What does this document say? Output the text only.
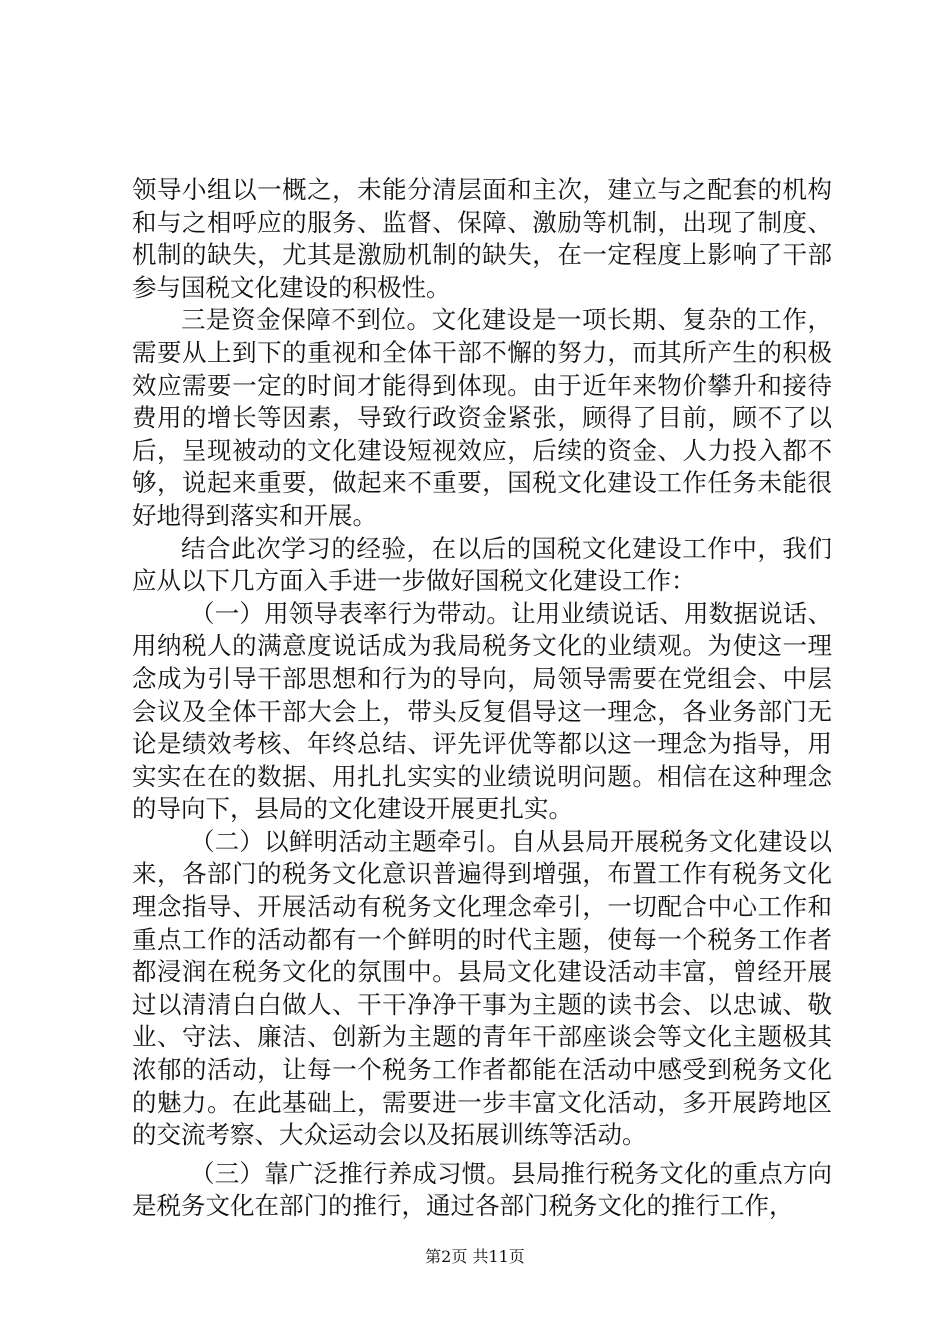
领导小组以一概之，未能分清层面和主次，建立与之配套的机构和与之相呼应的服务、监督、保障、激励等机制，出现了制度、机制的缺失，尤其是激励机制的缺失，在一定程度上影响了干部参与国税文化建设的积极性。

三是资金保障不到位。文化建设是一项长期、复杂的工作，需要从上到下的重视和全体干部不懈的努力，而其所产生的积极效应需要一定的时间才能得到体现。由于近年来物价攀升和接待费用的增长等因素，导致行政资金紧张，顾得了目前，顾不了以后，呈现被动的文化建设短视效应，后续的资金、人力投入都不够，说起来重要，做起来不重要，国税文化建设工作任务未能很好地得到落实和开展。

结合此次学习的经验，在以后的国税文化建设工作中，我们应从以下几方面入手进一步做好国税文化建设工作：

（一）用领导表率行为带动。让用业绩说话、用数据说话、用纳税人的满意度说话成为我局税务文化的业绩观。为使这一理念成为引导干部思想和行为的导向，局领导需要在党组会、中层会议及全体干部大会上，带头反复倡导这一理念，各业务部门无论是绩效考核、年终总结、评先评优等都以这一理念为指导，用实实在在的数据、用扎扎实实的业绩说明问题。相信在这种理念的导向下，县局的文化建设开展更扎实。

（二）以鲜明活动主题牵引。自从县局开展税务文化建设以来，各部门的税务文化意识普遍得到增强，布置工作有税务文化理念指导、开展活动有税务文化理念牵引，一切配合中心工作和重点工作的活动都有一个鲜明的时代主题，使每一个税务工作者都浸润在税务文化的氛围中。县局文化建设活动丰富，曾经开展过以清清白白做人、干干净净干事为主题的读书会、以忠诚、敬业、守法、廉洁、创新为主题的青年干部座谈会等文化主题极其浓郁的活动，让每一个税务工作者都能在活动中感受到税务文化的魅力。在此基础上，需要进一步丰富文化活动，多开展跨地区的交流考察、大众运动会以及拓展训练等活动。

（三）靠广泛推行养成习惯。县局推行税务文化的重点方向是税务文化在部门的推行，通过各部门税务文化的推行工作，

第2页 共11页
